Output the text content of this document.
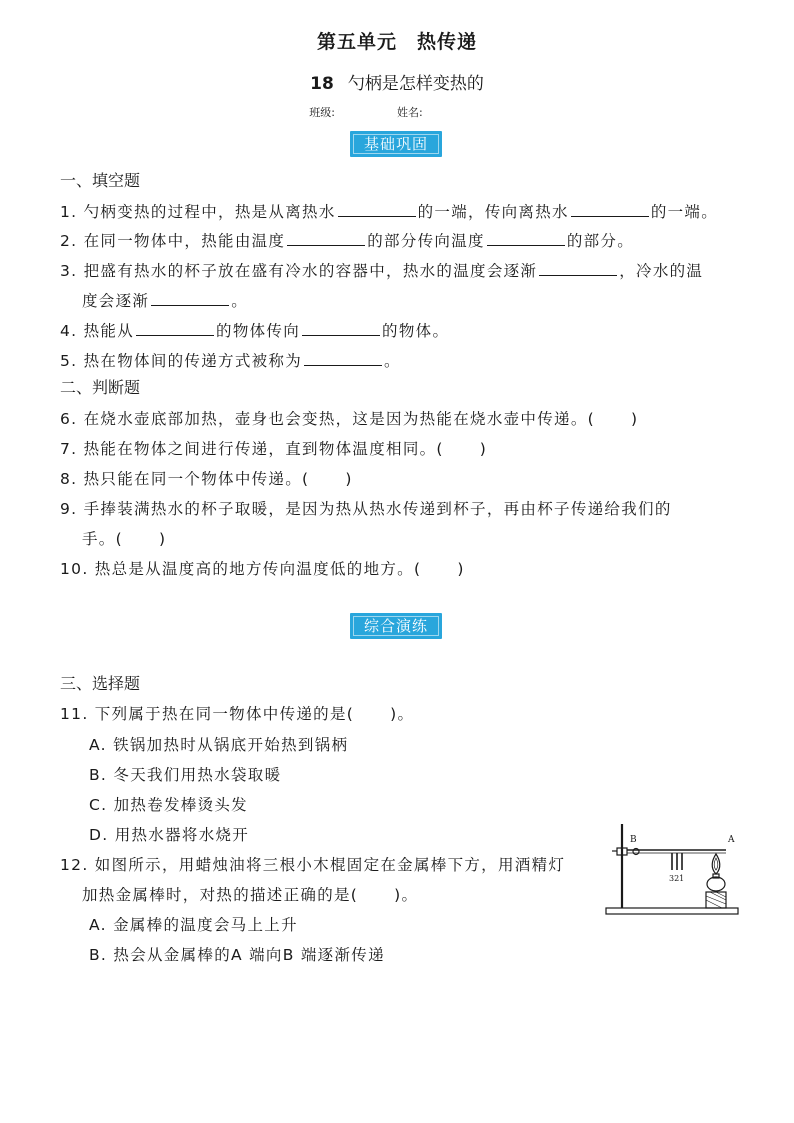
第五单元　热传递
18 勺柄是怎样变热的
班级:	姓名:
基础巩固
一、填空题
1. 勺柄变热的过程中，热是从离热水	的一端，传向离热水	的一端。
2. 在同一物体中，热能由温度	的部分传向温度	的部分。
3. 把盛有热水的杯子放在盛有冷水的容器中，热水的温度会逐渐	，冷水的温
度会逐渐	。
4. 热能从	的物体传向	的物体。
5. 热在物体间的传递方式被称为	。
二、判断题
6. 在烧水壶底部加热，壶身也会变热，这是因为热能在烧水壶中传递。( )
7. 热能在物体之间进行传递，直到物体温度相同。( )
8. 热只能在同一个物体中传递。( )
9. 手捧装满热水的杯子取暖，是因为热从热水传递到杯子，再由杯子传递给我们的
手。( )
10. 热总是从温度高的地方传向温度低的地方。( )
综合演练
三、选择题
11. 下列属于热在同一物体中传递的是( )。
A. 铁锅加热时从锅底开始热到锅柄
B. 冬天我们用热水袋取暖
C. 加热卷发棒烫头发
D. 用热水器将水烧开
12. 如图所示，用蜡烛油将三根小木棍固定在金属棒下方，用酒精灯
加热金属棒时，对热的描述正确的是( )。
A. 金属棒的温度会马上上升
B. 热会从金属棒的A 端向B 端逐渐传递
B	A
321
